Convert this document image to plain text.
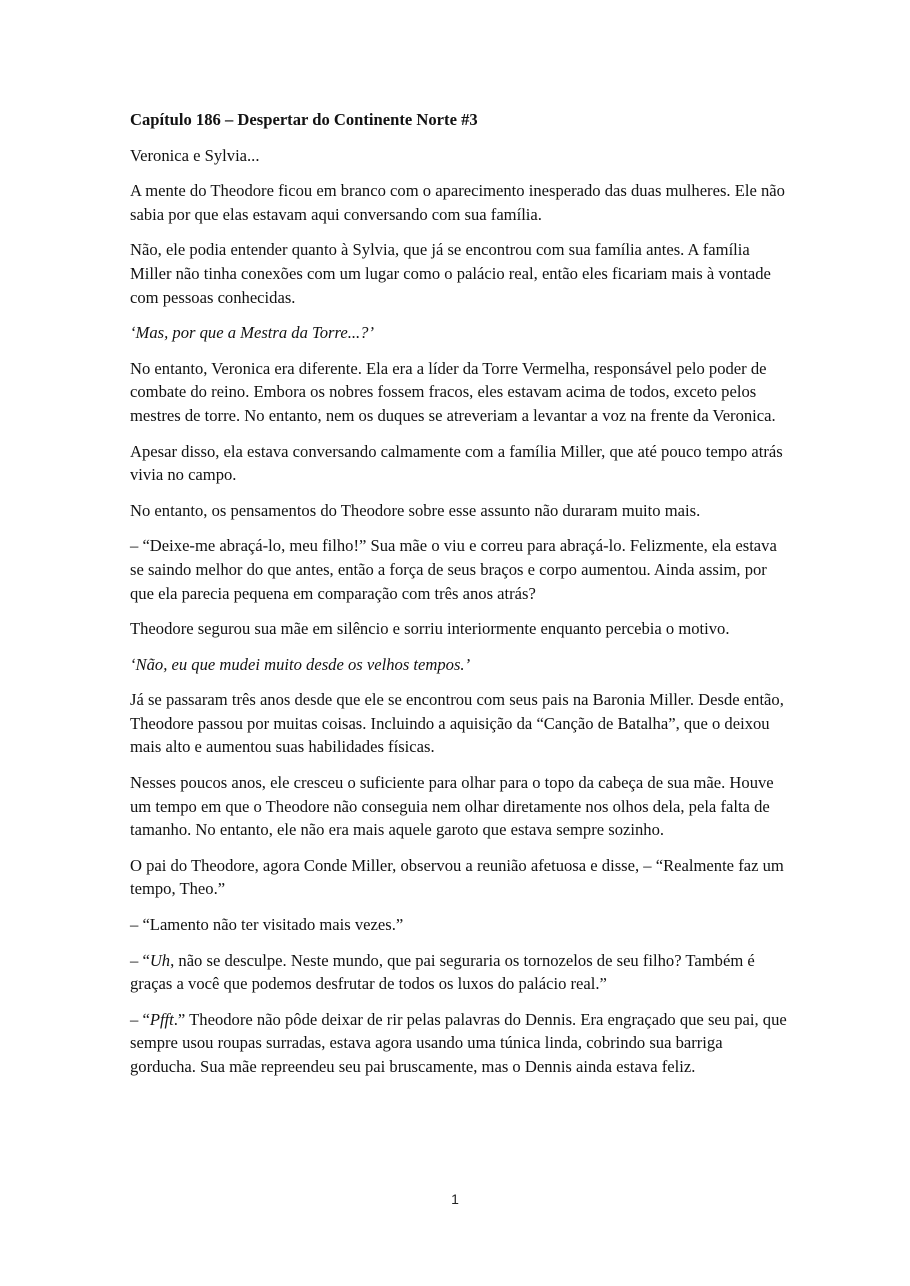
Capítulo 186 – Despertar do Continente Norte #3

Veronica e Sylvia...

A mente do Theodore ficou em branco com o aparecimento inesperado das duas mulheres. Ele não sabia por que elas estavam aqui conversando com sua família.

Não, ele podia entender quanto à Sylvia, que já se encontrou com sua família antes. A família Miller não tinha conexões com um lugar como o palácio real, então eles ficariam mais à vontade com pessoas conhecidas.

‘Mas, por que a Mestra da Torre...?’

No entanto, Veronica era diferente. Ela era a líder da Torre Vermelha, responsável pelo poder de combate do reino. Embora os nobres fossem fracos, eles estavam acima de todos, exceto pelos mestres de torre. No entanto, nem os duques se atreveriam a levantar a voz na frente da Veronica.

Apesar disso, ela estava conversando calmamente com a família Miller, que até pouco tempo atrás vivia no campo.

No entanto, os pensamentos do Theodore sobre esse assunto não duraram muito mais.

– “Deixe-me abraçá-lo, meu filho!” Sua mãe o viu e correu para abraçá-lo. Felizmente, ela estava se saindo melhor do que antes, então a força de seus braços e corpo aumentou. Ainda assim, por que ela parecia pequena em comparação com três anos atrás?

Theodore segurou sua mãe em silêncio e sorriu interiormente enquanto percebia o motivo.

‘Não, eu que mudei muito desde os velhos tempos.’

Já se passaram três anos desde que ele se encontrou com seus pais na Baronia Miller. Desde então, Theodore passou por muitas coisas. Incluindo a aquisição da “Canção de Batalha”, que o deixou mais alto e aumentou suas habilidades físicas.

Nesses poucos anos, ele cresceu o suficiente para olhar para o topo da cabeça de sua mãe. Houve um tempo em que o Theodore não conseguia nem olhar diretamente nos olhos dela, pela falta de tamanho. No entanto, ele não era mais aquele garoto que estava sempre sozinho.

O pai do Theodore, agora Conde Miller, observou a reunião afetuosa e disse, – “Realmente faz um tempo, Theo.”

– “Lamento não ter visitado mais vezes.”

– “Uh, não se desculpe. Neste mundo, que pai seguraria os tornozelos de seu filho? Também é graças a você que podemos desfrutar de todos os luxos do palácio real.”

– “Pfft.” Theodore não pôde deixar de rir pelas palavras do Dennis. Era engraçado que seu pai, que sempre usou roupas surradas, estava agora usando uma túnica linda, cobrindo sua barriga gorducha. Sua mãe repreendeu seu pai bruscamente, mas o Dennis ainda estava feliz.

1
